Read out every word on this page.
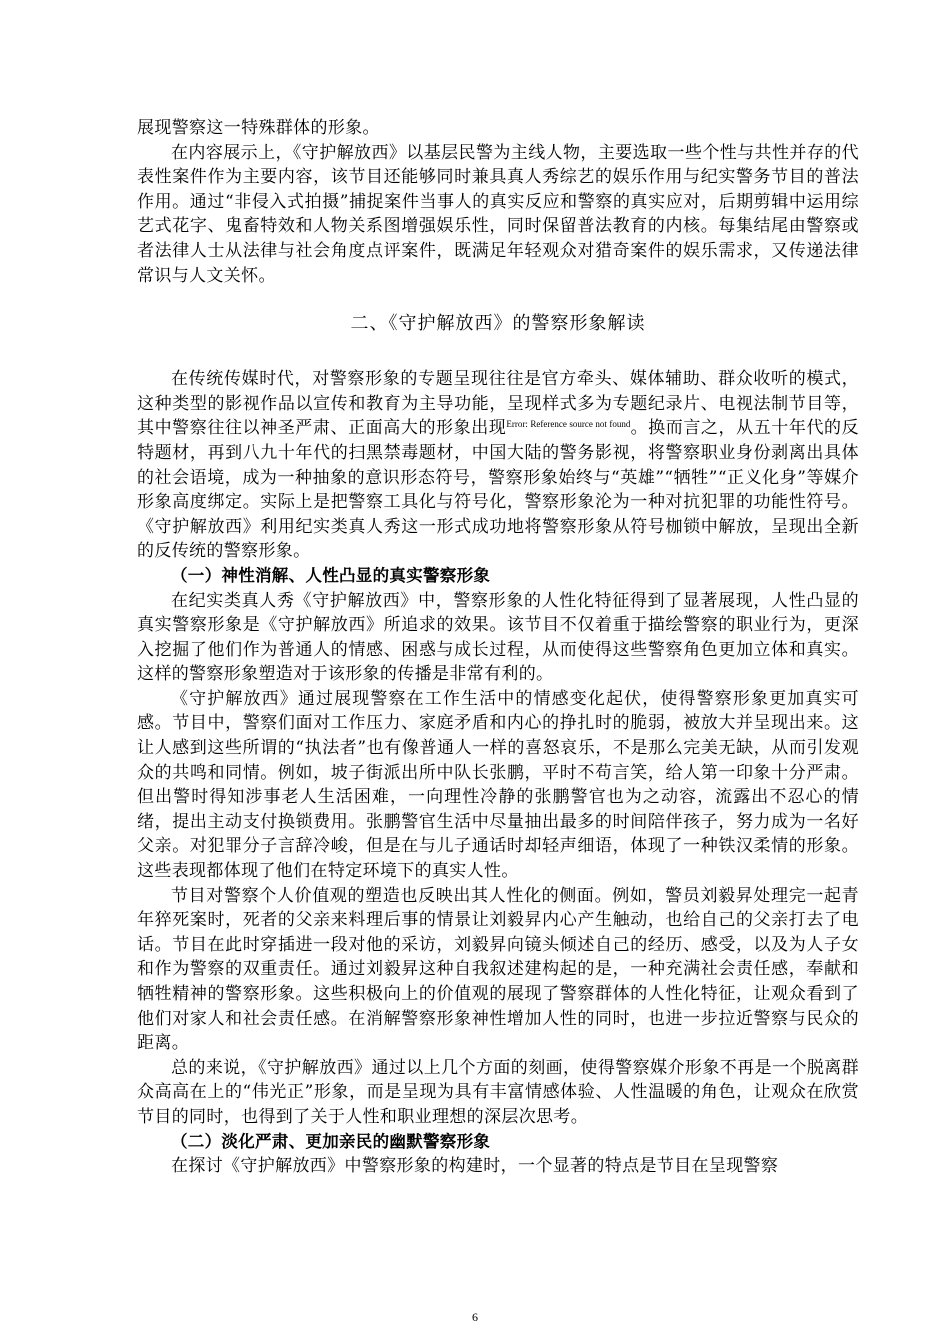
展现警察这一特殊群体的形象。

在内容展示上，《守护解放西》以基层民警为主线人物，主要选取一些个性与共性并存的代表性案件作为主要内容，该节目还能够同时兼具真人秀综艺的娱乐作用与纪实警务节目的普法作用。通过“非侵入式拍摄”捕捉案件当事人的真实反应和警察的真实应对，后期剪辑中运用综艺式花字、鬼畜特效和人物关系图增强娱乐性，同时保留普法教育的内核。每集结尾由警察或者法律人士从法律与社会角度点评案件，既满足年轻观众对猎奇案件的娱乐需求，又传递法律常识与人文关怀。

二、《守护解放西》的警察形象解读

在传统传媒时代，对警察形象的专题呈现往往是官方牵头、媒体辅助、群众收听的模式，这种类型的影视作品以宣传和教育为主导功能，呈现样式多为专题纪录片、电视法制节目等，其中警察往往以神圣严肃、正面高大的形象出现$^{Error: Reference source not found}$。换而言之，从五十年代的反特题材，再到八九十年代的扫黑禁毒题材，中国大陆的警务影视，将警察职业身份剥离出具体的社会语境，成为一种抽象的意识形态符号，警察形象始终与“英雄”“牺牲”“正义化身”等媒介形象高度绑定。实际上是把警察工具化与符号化，警察形象沦为一种对抗犯罪的功能性符号。《守护解放西》利用纪实类真人秀这一形式成功地将警察形象从符号枷锁中解放，呈现出全新的反传统的警察形象。

（一）神性消解、人性凸显的真实警察形象

在纪实类真人秀《守护解放西》中，警察形象的人性化特征得到了显著展现，人性凸显的真实警察形象是《守护解放西》所追求的效果。该节目不仅着重于描绘警察的职业行为，更深入挖掘了他们作为普通人的情感、困惑与成长过程，从而使得这些警察角色更加立体和真实。这样的警察形象塑造对于该形象的传播是非常有利的。

《守护解放西》通过展现警察在工作生活中的情感变化起伏，使得警察形象更加真实可感。节目中，警察们面对工作压力、家庭矛盾和内心的挣扎时的脆弱，被放大并呈现出来。这让人感到这些所谓的“执法者”也有像普通人一样的喜怒哀乐，不是那么完美无缺，从而引发观众的共鸣和同情。例如，坡子街派出所中队长张鹏，平时不苟言笑，给人第一印象十分严肃。但出警时得知涉事老人生活困难，一向理性冷静的张鹏警官也为之动容，流露出不忍心的情绪，提出主动支付换锁费用。张鹏警官生活中尽量抽出最多的时间陪伴孩子，努力成为一名好父亲。对犯罪分子言辞冷峻，但是在与儿子通话时却轻声细语，体现了一种铁汉柔情的形象。这些表现都体现了他们在特定环境下的真实人性。

节目对警察个人价值观的塑造也反映出其人性化的侧面。例如，警员刘毅昇处理完一起青年猝死案时，死者的父亲来料理后事的情景让刘毅昇内心产生触动，也给自己的父亲打去了电话。节目在此时穿插进一段对他的采访，刘毅昇向镜头倾述自己的经历、感受，以及为人子女和作为警察的双重责任。通过刘毅昇这种自我叙述建构起的是，一种充满社会责任感，奉献和牺牲精神的警察形象。这些积极向上的价值观的展现了警察群体的人性化特征，让观众看到了他们对家人和社会责任感。在消解警察形象神性增加人性的同时，也进一步拉近警察与民众的距离。

总的来说，《守护解放西》通过以上几个方面的刻画，使得警察媒介形象不再是一个脱离群众高高在上的“伟光正”形象，而是呈现为具有丰富情感体验、人性温暖的角色，让观众在欣赏节目的同时，也得到了关于人性和职业理想的深层次思考。

（二）淡化严肃、更加亲民的幽默警察形象

在探讨《守护解放西》中警察形象的构建时，一个显著的特点是节目在呈现警察

6
